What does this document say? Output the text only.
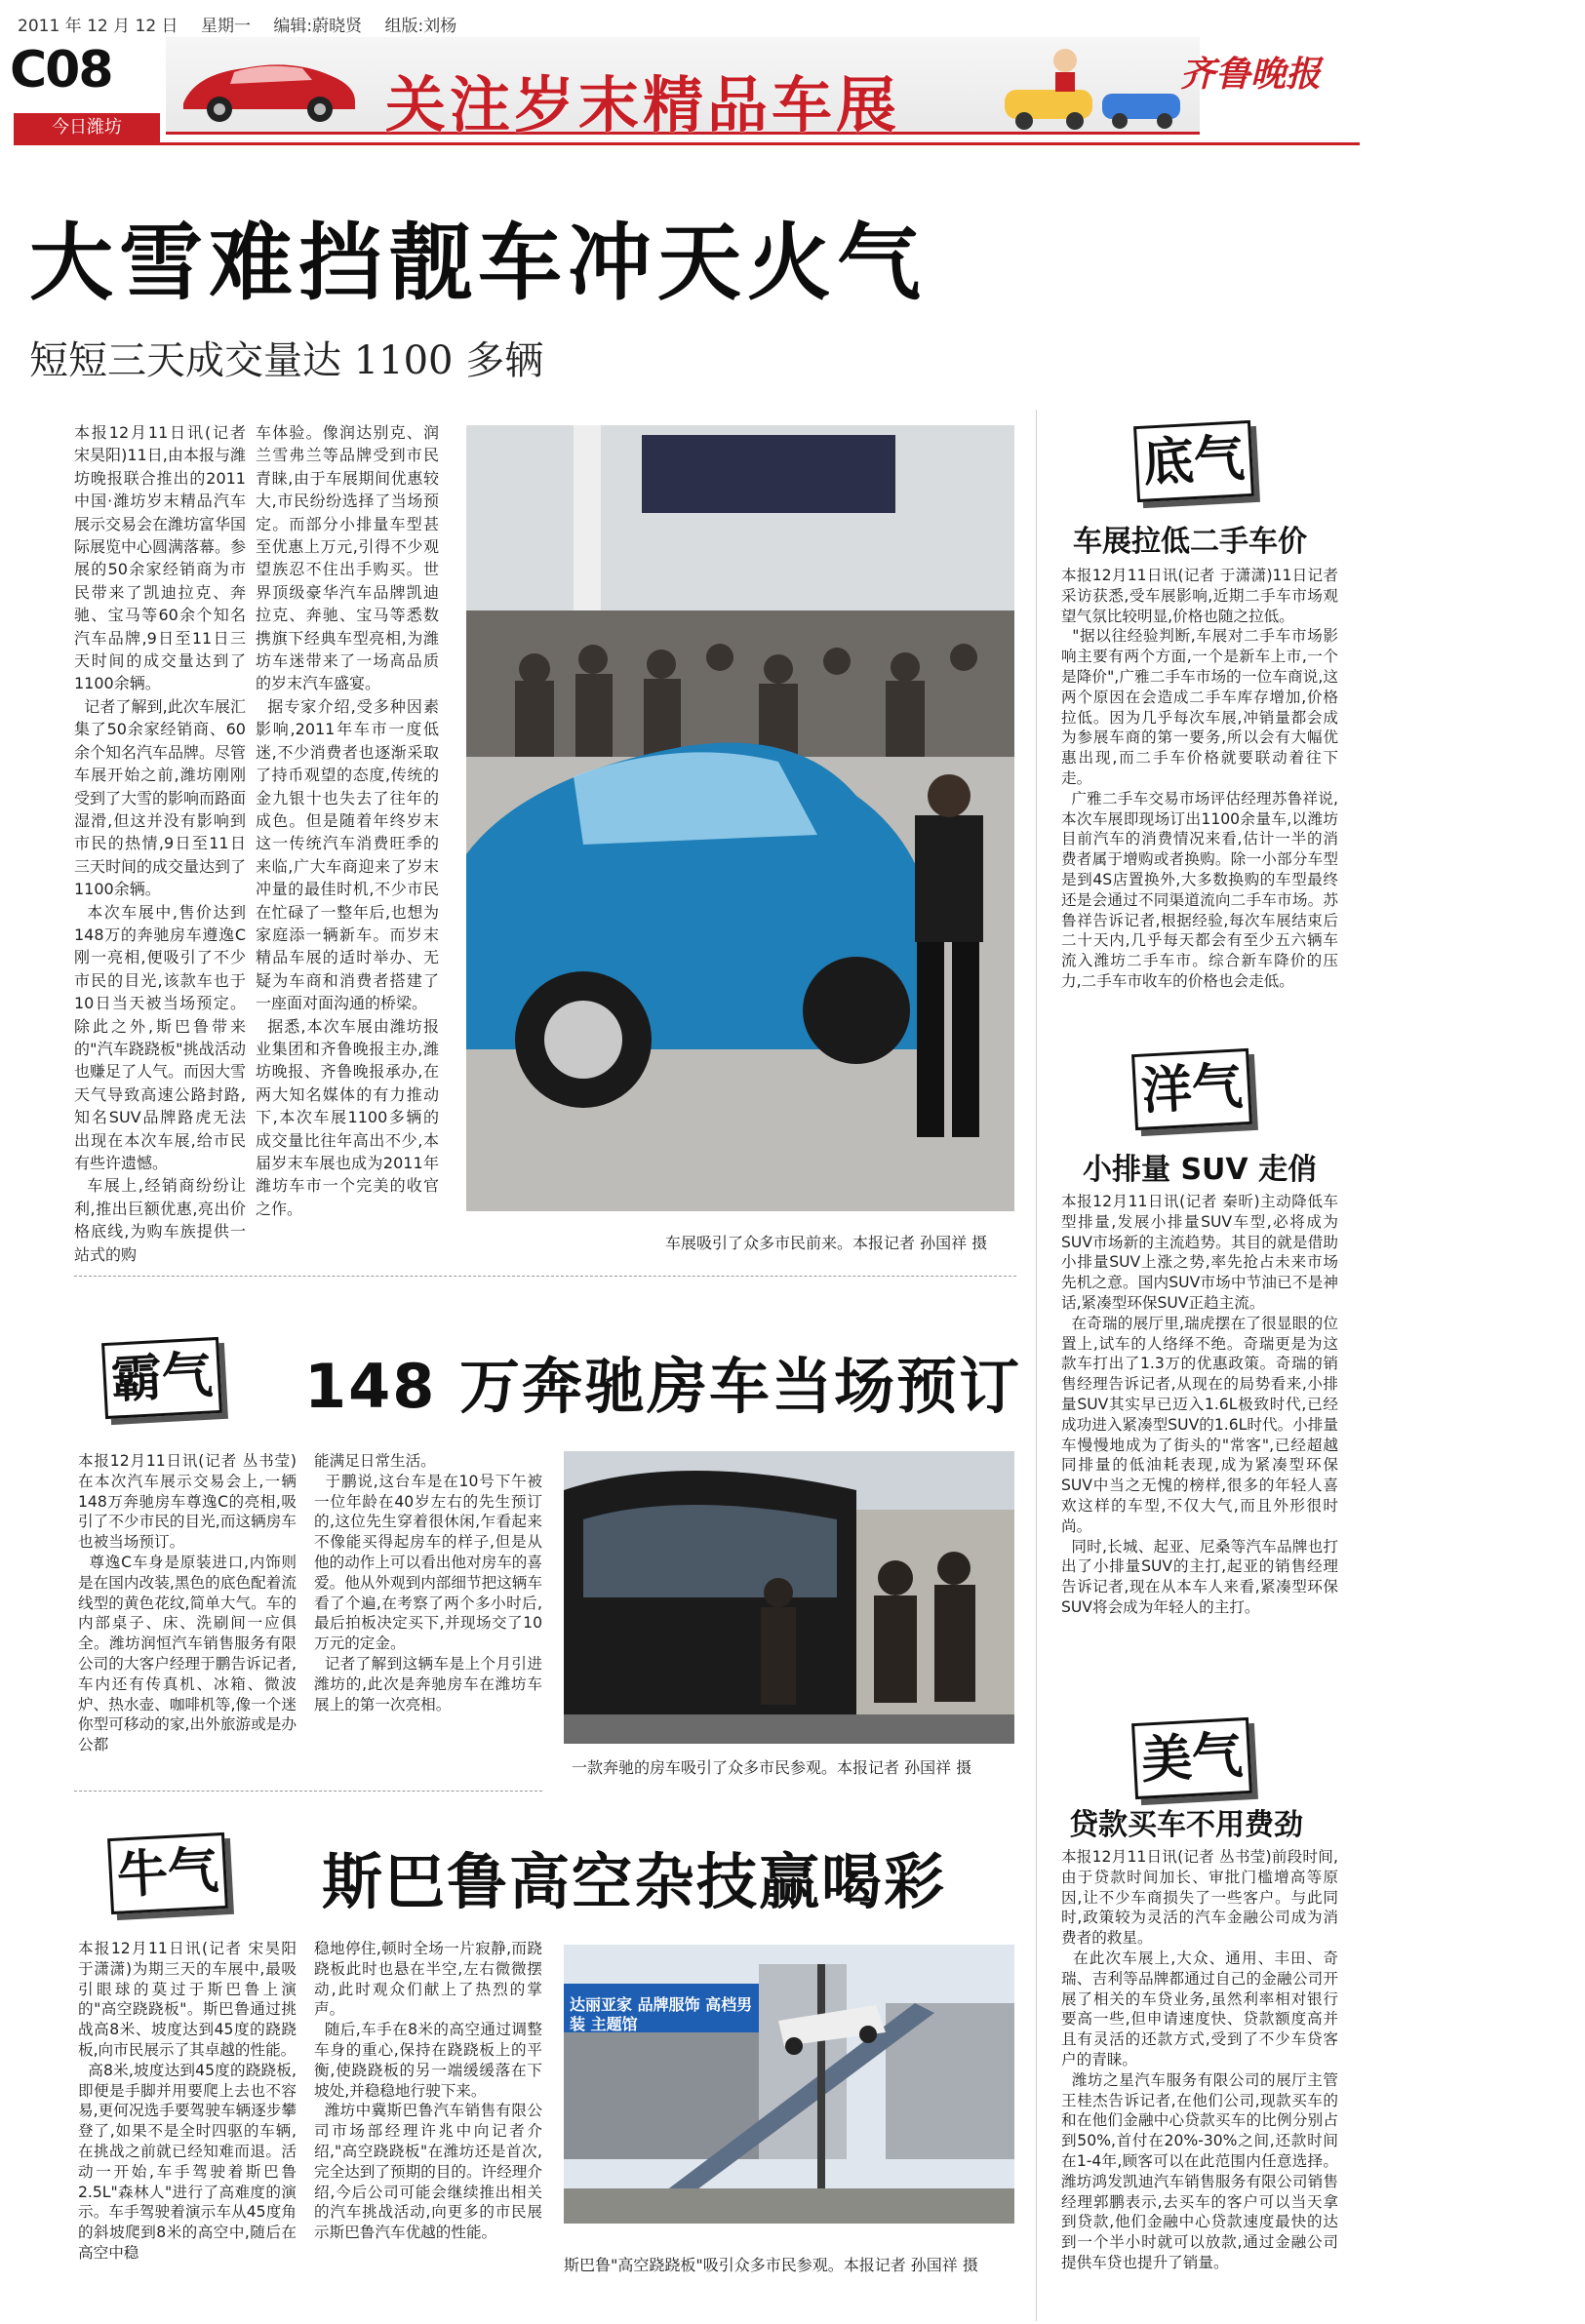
2011 年 12 月 12 日 星期一 编辑:蔚晓贤 组版:刘杨
C08
今日潍坊	关注岁末精品车展	齐鲁晚报
大雪难挡靓车冲天火气
短短三天成交量达 1100 多辆
本报12月11日讯(记者 宋昊阳)11日,由本报与潍坊晚报联合推出的2011中国·潍坊岁末精品汽车展示交易会在潍坊富华国际展览中心圆满落幕。参展的50余家经销商为市民带来了凯迪拉克、奔驰、宝马等60余个知名汽车品牌,9日至11日三天时间的成交量达到了1100余辆。
记者了解到,此次车展汇集了50余家经销商、60余个知名汽车品牌。尽管车展开始之前,潍坊刚刚受到了大雪的影响而路面湿滑,但这并没有影响到市民的热情,9日至11日三天时间的成交量达到了1100余辆。
本次车展中,售价达到148万的奔驰房车遵逸C刚一亮相,便吸引了不少市民的目光,该款车也于10日当天被当场预定。除此之外,斯巴鲁带来的"汽车跷跷板"挑战活动也赚足了人气。而因大雪天气导致高速公路封路,知名SUV品牌路虎无法出现在本次车展,给市民有些许遗憾。
车展上,经销商纷纷让利,推出巨额优惠,亮出价格底线,为购车族提供一站式的购
车体验。像润达别克、润兰雪弗兰等品牌受到市民青睐,由于车展期间优惠较大,市民纷纷选择了当场预定。而部分小排量车型甚至优惠上万元,引得不少观望族忍不住出手购买。世界顶级豪华汽车品牌凯迪拉克、奔驰、宝马等悉数携旗下经典车型亮相,为潍坊车迷带来了一场高品质的岁末汽车盛宴。
据专家介绍,受多种因素影响,2011年车市一度低迷,不少消费者也逐渐采取了持币观望的态度,传统的金九银十也失去了往年的成色。但是随着年终岁末这一传统汽车消费旺季的来临,广大车商迎来了岁末冲量的最佳时机,不少市民在忙碌了一整年后,也想为家庭添一辆新车。而岁末精品车展的适时举办、无疑为车商和消费者搭建了一座面对面沟通的桥梁。
据悉,本次车展由潍坊报业集团和齐鲁晚报主办,潍坊晚报、齐鲁晚报承办,在两大知名媒体的有力推动下,本次车展1100多辆的成交量比往年高出不少,本届岁末车展也成为2011年潍坊车市一个完美的收官之作。
车展吸引了众多市民前来。本报记者 孙国祥 摄
底气
车展拉低二手车价
本报12月11日讯(记者 于潇潇)11日记者采访获悉,受车展影响,近期二手车市场观望气氛比较明显,价格也随之拉低。
"据以往经验判断,车展对二手车市场影响主要有两个方面,一个是新车上市,一个是降价",广雅二手车市场的一位车商说,这两个原因在会造成二手车库存增加,价格拉低。因为几乎每次车展,冲销量都会成为参展车商的第一要务,所以会有大幅优惠出现,而二手车价格就要联动着往下走。
广雅二手车交易市场评估经理苏鲁祥说,本次车展即现场订出1100余量车,以潍坊目前汽车的消费情况来看,估计一半的消费者属于增购或者换购。除一小部分车型是到4S店置换外,大多数换购的车型最终还是会通过不同渠道流向二手车市场。苏鲁祥告诉记者,根据经验,每次车展结束后二十天内,几乎每天都会有至少五六辆车流入潍坊二手车市。综合新车降价的压力,二手车市收车的价格也会走低。
洋气
小排量 SUV 走俏
本报12月11日讯(记者 秦昕)主动降低车型排量,发展小排量SUV车型,必将成为SUV市场新的主流趋势。其目的就是借助小排量SUV上涨之势,率先抢占未来市场先机之意。国内SUV市场中节油已不是神话,紧凑型环保SUV正趋主流。
在奇瑞的展厅里,瑞虎摆在了很显眼的位置上,试车的人络绎不绝。奇瑞更是为这款车打出了1.3万的优惠政策。奇瑞的销售经理告诉记者,从现在的局势看来,小排量SUV其实早已迈入1.6L极致时代,已经成功进入紧凑型SUV的1.6L时代。小排量车慢慢地成为了街头的"常客",已经超越同排量的低油耗表现,成为紧凑型环保SUV中当之无愧的榜样,很多的年轻人喜欢这样的车型,不仅大气,而且外形很时尚。
同时,长城、起亚、尼桑等汽车品牌也打出了小排量SUV的主打,起亚的销售经理告诉记者,现在从本车人来看,紧凑型环保SUV将会成为年轻人的主打。
美气
贷款买车不用费劲
本报12月11日讯(记者 丛书莹)前段时间,由于贷款时间加长、审批门槛增高等原因,让不少车商损失了一些客户。与此同时,政策较为灵活的汽车金融公司成为消费者的救星。
在此次车展上,大众、通用、丰田、奇瑞、吉利等品牌都通过自己的金融公司开展了相关的车贷业务,虽然利率相对银行要高一些,但申请速度快、贷款额度高并且有灵活的还款方式,受到了不少车贷客户的青睐。
潍坊之星汽车服务有限公司的展厅主管王桂杰告诉记者,在他们公司,现款买车的和在他们金融中心贷款买车的比例分别占到50%,首付在20%-30%之间,还款时间在1-4年,顾客可以在此范围内任意选择。潍坊鸿发凯迪汽车销售服务有限公司销售经理郭鹏表示,去买车的客户可以当天拿到贷款,他们金融中心贷款速度最快的达到一个半小时就可以放款,通过金融公司提供车贷也提升了销量。
霸气 148 万奔驰房车当场预订
本报12月11日讯(记者 丛书莹)在本次汽车展示交易会上,一辆148万奔驰房车尊逸C的亮相,吸引了不少市民的目光,而这辆房车也被当场预订。
尊逸C车身是原装进口,内饰则是在国内改装,黑色的底色配着流线型的黄色花纹,简单大气。车的内部桌子、床、洗刷间一应俱全。潍坊润恒汽车销售服务有限公司的大客户经理于鹏告诉记者,车内还有传真机、冰箱、微波炉、热水壶、咖啡机等,像一个迷你型可移动的家,出外旅游或是办公都
能满足日常生活。
于鹏说,这台车是在10号下午被一位年龄在40岁左右的先生预订的,这位先生穿着很休闲,乍看起来不像能买得起房车的样子,但是从他的动作上可以看出他对房车的喜爱。他从外观到内部细节把这辆车看了个遍,在考察了两个多小时后,最后拍板决定买下,并现场交了10万元的定金。
记者了解到这辆车是上个月引进潍坊的,此次是奔驰房车在潍坊车展上的第一次亮相。
一款奔驰的房车吸引了众多市民参观。本报记者 孙国祥 摄
牛气 斯巴鲁高空杂技赢喝彩
本报12月11日讯(记者 宋昊阳 于潇潇)为期三天的车展中,最吸引眼球的莫过于斯巴鲁上演的"高空跷跷板"。斯巴鲁通过挑战高8米、坡度达到45度的跷跷板,向市民展示了其卓越的性能。
高8米,坡度达到45度的跷跷板,即便是手脚并用要爬上去也不容易,更何况选手要驾驶车辆逐步攀登了,如果不是全时四驱的车辆,在挑战之前就已经知难而退。活动一开始,车手驾驶着斯巴鲁2.5L"森林人"进行了高难度的演示。车手驾驶着演示车从45度角的斜坡爬到8米的高空中,随后在高空中稳
稳地停住,顿时全场一片寂静,而跷跷板此时也悬在半空,左右微微摆动,此时观众们献上了热烈的掌声。
随后,车手在8米的高空通过调整车身的重心,保持在跷跷板上的平衡,使跷跷板的另一端缓缓落在下坡处,并稳稳地行驶下来。
潍坊中冀斯巴鲁汽车销售有限公司市场部经理许兆中向记者介绍,"高空跷跷板"在潍坊还是首次,完全达到了预期的目的。许经理介绍,今后公司可能会继续推出相关的汽车挑战活动,向更多的市民展示斯巴鲁汽车优越的性能。
达丽亚家 品牌服饰 高档男装 主题馆
斯巴鲁"高空跷跷板"吸引众多市民参观。本报记者 孙国祥 摄
